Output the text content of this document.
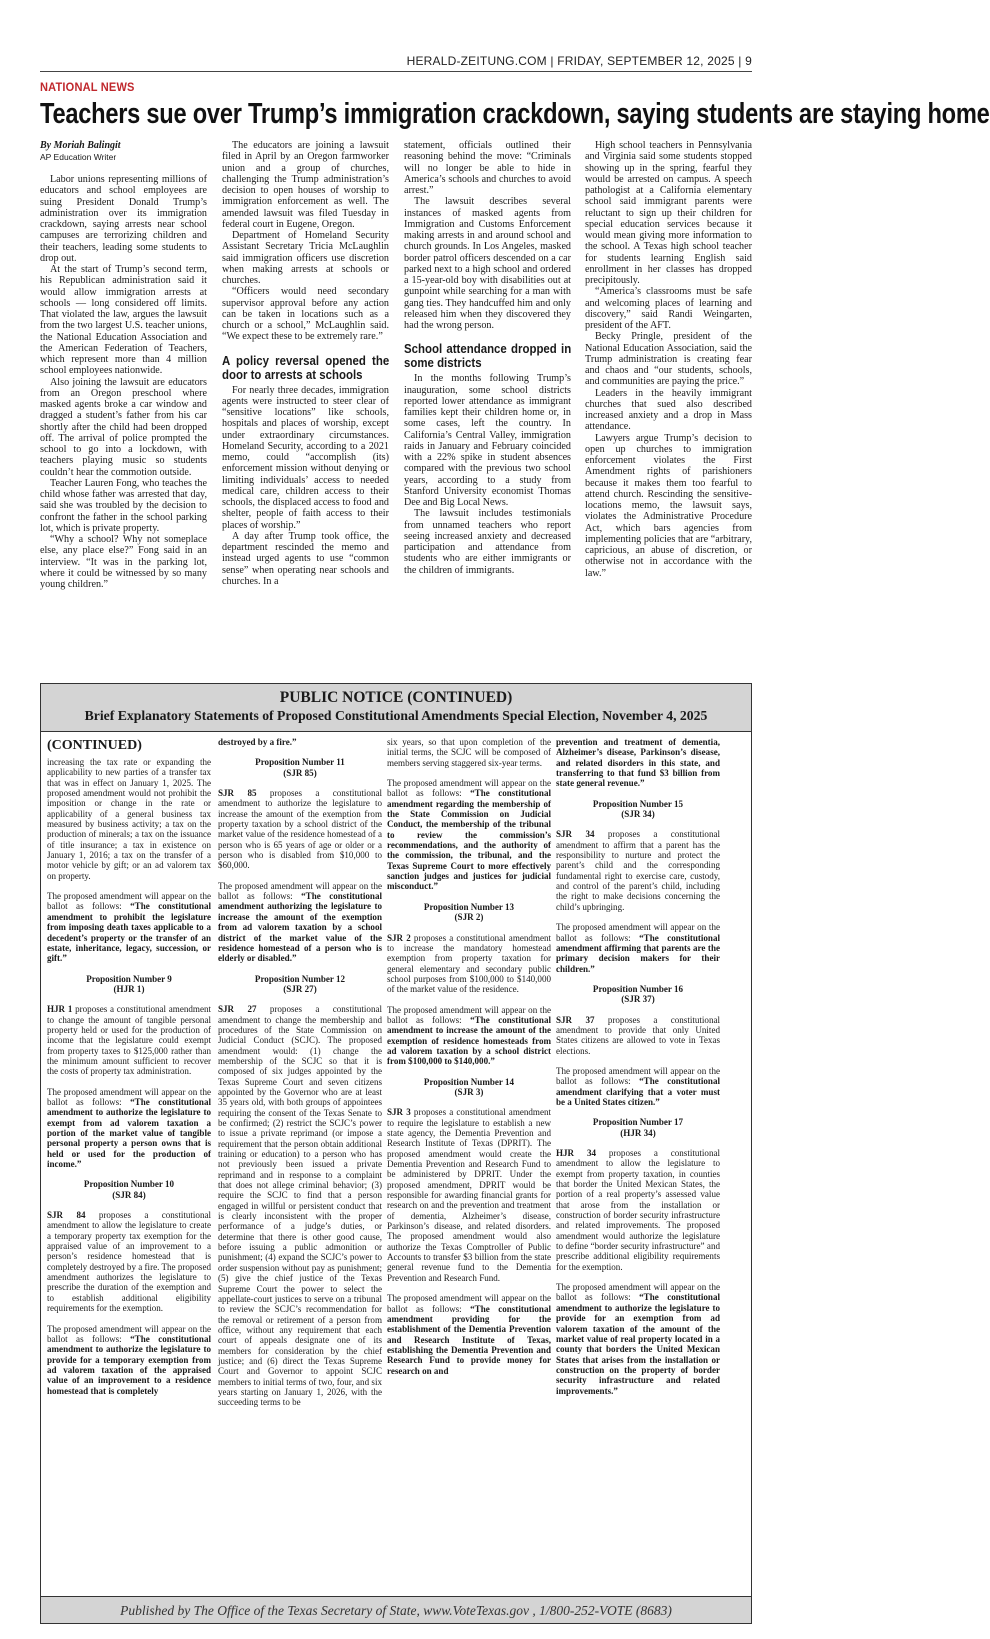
HERALD-ZEITUNG.COM | FRIDAY, SEPTEMBER 12, 2025 | 9
NATIONAL NEWS
Teachers sue over Trump’s immigration crackdown, saying students are staying home
By Moriah Balingit
AP Education Writer

Labor unions representing millions of educators and school employees are suing President Donald Trump’s administration over its immigration crackdown, saying arrests near school campuses are terrorizing children and their teachers, leading some students to drop out.

At the start of Trump’s second term, his Republican administration said it would allow immigration arrests at schools — long considered off limits. That violated the law, argues the lawsuit from the two largest U.S. teacher unions, the National Education Association and the American Federation of Teachers, which represent more than 4 million school employees nationwide.

Also joining the lawsuit are educators from an Oregon preschool where masked agents broke a car window and dragged a student’s father from his car shortly after the child had been dropped off. The arrival of police prompted the school to go into a lockdown, with teachers playing music so students couldn’t hear the commotion outside.

Teacher Lauren Fong, who teaches the child whose father was arrested that day, said she was troubled by the decision to confront the father in the school parking lot, which is private property.

“Why a school? Why not someplace else, any place else?” Fong said in an interview. “It was in the parking lot, where it could be witnessed by so many young children.”

The educators are joining a lawsuit filed in April by an Oregon farmworker union and a group of churches, challenging the Trump administration’s decision to open houses of worship to immigration enforcement as well. The amended lawsuit was filed Tuesday in federal court in Eugene, Oregon.

Department of Homeland Security Assistant Secretary Tricia McLaughlin said immigration officers use discretion when making arrests at schools or churches.

“Officers would need secondary supervisor approval before any action can be taken in locations such as a church or a school,” McLaughlin said. “We expect these to be extremely rare.”

A policy reversal opened the door to arrests at schools

For nearly three decades, immigration agents were instructed to steer clear of “sensitive locations” like schools, hospitals and places of worship, except under extraordinary circumstances. Homeland Security, according to a 2021 memo, could “accomplish (its) enforcement mission without denying or limiting individuals’ access to needed medical care, children access to their schools, the displaced access to food and shelter, people of faith access to their places of worship.”

A day after Trump took office, the department rescinded the memo and instead urged agents to use “common sense” when operating near schools and churches. In a

statement, officials outlined their reasoning behind the move: “Criminals will no longer be able to hide in America’s schools and churches to avoid arrest.”

The lawsuit describes several instances of masked agents from Immigration and Customs Enforcement making arrests in and around school and church grounds. In Los Angeles, masked border patrol officers descended on a car parked next to a high school and ordered a 15-year-old boy with disabilities out at gunpoint while searching for a man with gang ties. They handcuffed him and only released him when they discovered they had the wrong person.

School attendance dropped in some districts

In the months following Trump’s inauguration, some school districts reported lower attendance as immigrant families kept their children home or, in some cases, left the country. In California’s Central Valley, immigration raids in January and February coincided with a 22% spike in student absences compared with the previous two school years, according to a study from Stanford University economist Thomas Dee and Big Local News.

The lawsuit includes testimonials from unnamed teachers who report seeing increased anxiety and decreased participation and attendance from students who are either immigrants or the children of immigrants.

High school teachers in Pennsylvania and Virginia said some students stopped showing up in the spring, fearful they would be arrested on campus. A speech pathologist at a California elementary school said immigrant parents were reluctant to sign up their children for special education services because it would mean giving more information to the school. A Texas high school teacher for students learning English said enrollment in her classes has dropped precipitously.

“America’s classrooms must be safe and welcoming places of learning and discovery,” said Randi Weingarten, president of the AFT.

Becky Pringle, president of the National Education Association, said the Trump administration is creating fear and chaos and “our students, schools, and communities are paying the price.”

Leaders in the heavily immigrant churches that sued also described increased anxiety and a drop in Mass attendance.

Lawyers argue Trump’s decision to open up churches to immigration enforcement violates the First Amendment rights of parishioners because it makes them too fearful to attend church. Rescinding the sensitive-locations memo, the lawsuit says, violates the Administrative Procedure Act, which bars agencies from implementing policies that are “arbitrary, capricious, an abuse of discretion, or otherwise not in accordance with the law.”

PUBLIC NOTICE (CONTINUED)
Brief Explanatory Statements of Proposed Constitutional Amendments Special Election, November 4, 2025
(CONTINUED)

increasing the tax rate or expanding the applicability to new parties of a transfer tax that was in effect on January 1, 2025. The proposed amendment would not prohibit the imposition or change in the rate or applicability of a general business tax measured by business activity; a tax on the production of minerals; a tax on the issuance of title insurance; a tax in existence on January 1, 2016; a tax on the transfer of a motor vehicle by gift; or an ad valorem tax on property.

The proposed amendment will appear on the ballot as follows: “The constitutional amendment to prohibit the legislature from imposing death taxes applicable to a decedent’s property or the transfer of an estate, inheritance, legacy, succession, or gift.”

Proposition Number 9
(HJR 1)

HJR 1 proposes a constitutional amendment to change the amount of tangible personal property held or used for the production of income that the legislature could exempt from property taxes to $125,000 rather than the minimum amount sufficient to recover the costs of property tax administration.

The proposed amendment will appear on the ballot as follows: “The constitutional amendment to authorize the legislature to exempt from ad valorem taxation a portion of the market value of tangible personal property a person owns that is held or used for the production of income.”

Proposition Number 10
(SJR 84)

SJR 84 proposes a constitutional amendment to allow the legislature to create a temporary property tax exemption for the appraised value of an improvement to a person’s residence homestead that is completely destroyed by a fire. The proposed amendment authorizes the legislature to prescribe the duration of the exemption and to establish additional eligibility requirements for the exemption.

The proposed amendment will appear on the ballot as follows: “The constitutional amendment to authorize the legislature to provide for a temporary exemption from ad valorem taxation of the appraised value of an improvement to a residence homestead that is completely

destroyed by a fire.”

Proposition Number 11
(SJR 85)

SJR 85 proposes a constitutional amendment to authorize the legislature to increase the amount of the exemption from property taxation by a school district of the market value of the residence homestead of a person who is 65 years of age or older or a person who is disabled from $10,000 to $60,000.

The proposed amendment will appear on the ballot as follows: “The constitutional amendment authorizing the legislature to increase the amount of the exemption from ad valorem taxation by a school district of the market value of the residence homestead of a person who is elderly or disabled.”

Proposition Number 12
(SJR 27)

SJR 27 proposes a constitutional amendment to change the membership and procedures of the State Commission on Judicial Conduct (SCJC). The proposed amendment would: (1) change the membership of the SCJC so that it is composed of six judges appointed by the Texas Supreme Court and seven citizens appointed by the Governor who are at least 35 years old, with both groups of appointees requiring the consent of the Texas Senate to be confirmed; (2) restrict the SCJC’s power to issue a private reprimand (or impose a requirement that the person obtain additional training or education) to a person who has not previously been issued a private reprimand and in response to a complaint that does not allege criminal behavior; (3) require the SCJC to find that a person engaged in willful or persistent conduct that is clearly inconsistent with the proper performance of a judge’s duties, or determine that there is other good cause, before issuing a public admonition or punishment; (4) expand the SCJC’s power to order suspension without pay as punishment; (5) give the chief justice of the Texas Supreme Court the power to select the appellate-court justices to serve on a tribunal to review the SCJC’s recommendation for the removal or retirement of a person from office, without any requirement that each court of appeals designate one of its members for consideration by the chief justice; and (6) direct the Texas Supreme Court and Governor to appoint SCJC members to initial terms of two, four, and six years starting on January 1, 2026, with the succeeding terms to be

six years, so that upon completion of the initial terms, the SCJC will be composed of members serving staggered six-year terms.

The proposed amendment will appear on the ballot as follows: “The constitutional amendment regarding the membership of the State Commission on Judicial Conduct, the membership of the tribunal to review the commission’s recommendations, and the authority of the commission, the tribunal, and the Texas Supreme Court to more effectively sanction judges and justices for judicial misconduct.”

Proposition Number 13
(SJR 2)

SJR 2 proposes a constitutional amendment to increase the mandatory homestead exemption from property taxation for general elementary and secondary public school purposes from $100,000 to $140,000 of the market value of the residence.

The proposed amendment will appear on the ballot as follows: “The constitutional amendment to increase the amount of the exemption of residence homesteads from ad valorem taxation by a school district from $100,000 to $140,000.”

Proposition Number 14
(SJR 3)

SJR 3 proposes a constitutional amendment to require the legislature to establish a new state agency, the Dementia Prevention and Research Institute of Texas (DPRIT). The proposed amendment would create the Dementia Prevention and Research Fund to be administered by DPRIT. Under the proposed amendment, DPRIT would be responsible for awarding financial grants for research on and the prevention and treatment of dementia, Alzheimer’s disease, Parkinson’s disease, and related disorders. The proposed amendment would also authorize the Texas Comptroller of Public Accounts to transfer $3 billion from the state general revenue fund to the Dementia Prevention and Research Fund.

The proposed amendment will appear on the ballot as follows: “The constitutional amendment providing for the establishment of the Dementia Prevention and Research Institute of Texas, establishing the Dementia Prevention and Research Fund to provide money for research on and

prevention and treatment of dementia, Alzheimer’s disease, Parkinson’s disease, and related disorders in this state, and transferring to that fund $3 billion from state general revenue.”

Proposition Number 15
(SJR 34)

SJR 34 proposes a constitutional amendment to affirm that a parent has the responsibility to nurture and protect the parent’s child and the corresponding fundamental right to exercise care, custody, and control of the parent’s child, including the right to make decisions concerning the child’s upbringing.

The proposed amendment will appear on the ballot as follows: “The constitutional amendment affirming that parents are the primary decision makers for their children.”

Proposition Number 16
(SJR 37)

SJR 37 proposes a constitutional amendment to provide that only United States citizens are allowed to vote in Texas elections.

The proposed amendment will appear on the ballot as follows: “The constitutional amendment clarifying that a voter must be a United States citizen.”

Proposition Number 17
(HJR 34)

HJR 34 proposes a constitutional amendment to allow the legislature to exempt from property taxation, in counties that border the United Mexican States, the portion of a real property’s assessed value that arose from the installation or construction of border security infrastructure and related improvements. The proposed amendment would authorize the legislature to define “border security infrastructure” and prescribe additional eligibility requirements for the exemption.

The proposed amendment will appear on the ballot as follows: “The constitutional amendment to authorize the legislature to provide for an exemption from ad valorem taxation of the amount of the market value of real property located in a county that borders the United Mexican States that arises from the installation or construction on the property of border security infrastructure and related improvements.”

Published by The Office of the Texas Secretary of State, www.VoteTexas.gov , 1/800-252-VOTE (8683)
